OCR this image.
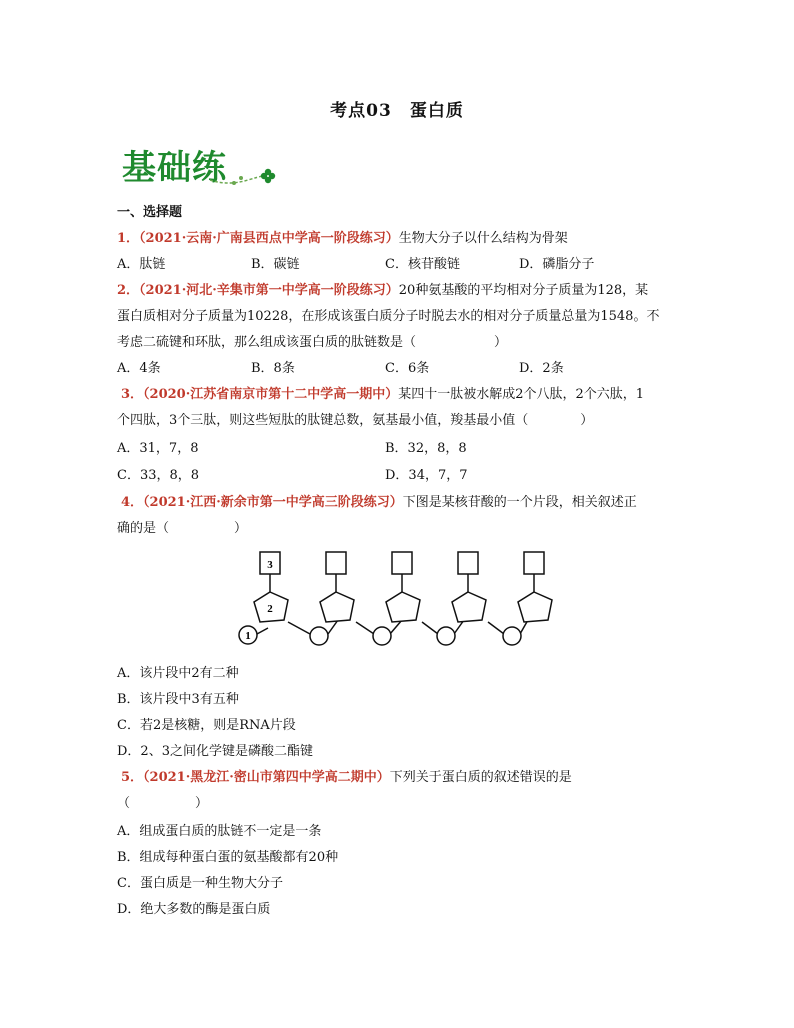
考点03　蛋白质
基础练
一、选择题
1．（2021·云南·广南县西点中学高一阶段练习）生物大分子以什么结构为骨架
A．肽链	B．碳链	C．核苷酸链	D．磷脂分子
2．（2021·河北·辛集市第一中学高一阶段练习）20种氨基酸的平均相对分子质量为128，某
蛋白质相对分子质量为10228，在形成该蛋白质分子时脱去水的相对分子质量总量为1548。不
考虑二硫键和环肽，那么组成该蛋白质的肽链数是（　　　　　　）
A．4条	B．8条	C．6条	D．2条
3．（2020·江苏省南京市第十二中学高一期中）某四十一肽被水解成2个八肽，2个六肽，1
个四肽，3个三肽，则这些短肽的肽键总数，氨基最小值，羧基最小值（　　　　）
A．31，7，8	B．32，8，8
C．33，8，8	D．34，7，7
4．（2021·江西·新余市第一中学高三阶段练习）下图是某核苷酸的一个片段，相关叙述正
确的是（　　　　　）
3
2
1
A．该片段中2有二种
B．该片段中3有五种
C．若2是核糖，则是RNA片段
D．2、3之间化学键是磷酸二酯键
5．（2021·黑龙江·密山市第四中学高二期中）下列关于蛋白质的叙述错误的是
（　　　　　）
A．组成蛋白质的肽链不一定是一条
B．组成每种蛋白蛋的氨基酸都有20种
C．蛋白质是一种生物大分子
D．绝大多数的酶是蛋白质
